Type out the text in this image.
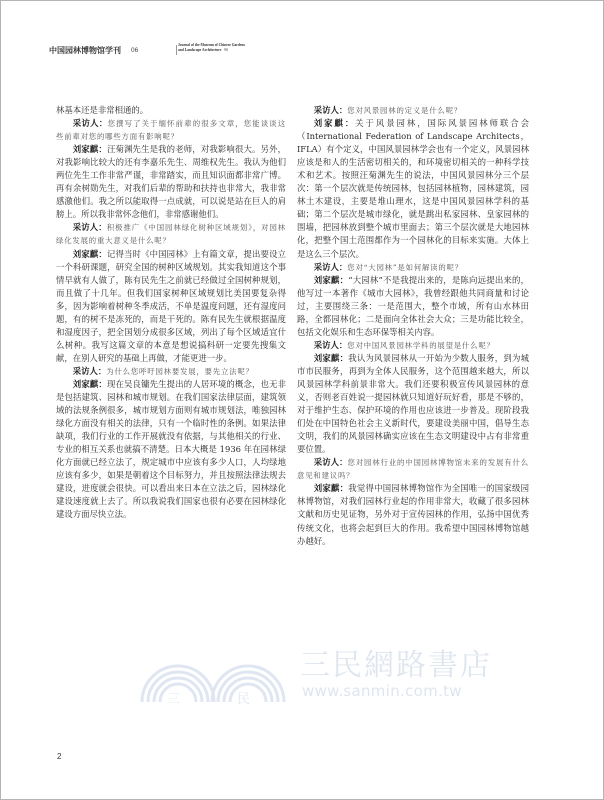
中国园林博物馆学刊 06
Journal of the Museum of Chinese Gardens
and Landscape Architecture 06

林基本还是非常相通的。

采访人：您撰写了关于缅怀前辈的很多文章，您能谈谈这些前辈对您的哪些方面有影响呢？

刘家麒：汪菊渊先生是我的老师，对我影响很大。另外，对我影响比较大的还有李嘉乐先生、周维权先生。我认为他们两位先生工作非常严谨，非常踏实，而且知识面都非常广博。再有余树勋先生，对我们后辈的帮助和扶持也非常大，我非常感激他们。我之所以能取得一点成就，可以说是站在巨人的肩膀上。所以我非常怀念他们，非常感谢他们。

采访人：积极推广《中国园林绿化树种区域规划》，对园林绿化发展的重大意义是什么呢？

刘家麒：记得当时《中国园林》上有篇文章，提出要设立一个科研课题，研究全国的树种区域规划。其实我知道这个事情早就有人做了，陈有民先生之前就已经做过全国树种规划，而且做了十几年。但我们国家树种区域规划比美国要复杂得多，因为影响着树种冬季成活，不单是温度问题，还有湿度问题，有的树不是冻死的，而是干死的。陈有民先生就根据温度和湿度因子，把全国划分成很多区域，列出了每个区域适宜什么树种。我写这篇文章的本意是想说搞科研一定要先搜集文献，在别人研究的基础上再做，才能更进一步。

采访人：为什么您呼吁园林要发展，要先立法呢？

刘家麒：现在吴良镛先生提出的人居环境的概念，也无非是包括建筑、园林和城市规划。在我们国家法律层面，建筑领域的法规条例很多，城市规划方面则有城市规划法，唯独园林绿化方面没有相关的法律，只有一个临时性的条例。如果法律缺项，我们行业的工作开展就没有依据，与其他相关的行业、专业的相互关系也就搞不清楚。日本大概是 1936 年在园林绿化方面就已经立法了，规定城市中应该有多少人口，人均绿地应该有多少，如果是朝着这个目标努力，并且按照法律法规去建设，进度就会很快。可以看出来日本在立法之后，园林绿化建设速度就上去了。所以我说我们国家也很有必要在园林绿化建设方面尽快立法。

采访人：您对风景园林的定义是什么呢？

刘家麒：关于风景园林，国际风景园林师联合会（International Federation of Landscape Architects，IFLA）有个定义，中国风景园林学会也有一个定义，风景园林应该是和人的生活密切相关的，和环境密切相关的一种科学技术和艺术。按照汪菊渊先生的说法，中国风景园林分三个层次：第一个层次就是传统园林，包括园林植物，园林建筑，园林土木建设，主要是堆山理水，这是中国风景园林学科的基础；第二个层次是城市绿化，就是跳出私家园林、皇家园林的围墙，把园林放到整个城市里面去；第三个层次就是大地园林化，把整个国土范围都作为一个园林化的目标来实施。大体上是这么三个层次。

采访人：您对“大园林”是如何解读的呢？

刘家麒：“大园林”不是我提出来的，是陈向远提出来的，他写过一本著作《城市大园林》，我曾经跟他共同商量和讨论过，主要围绕三条：一是范围大，整个市域，所有山水林田路，全都园林化；二是面向全体社会大众；三是功能比较全，包括文化娱乐和生态环保等相关内容。

采访人：您对中国风景园林学科的展望是什么呢？

刘家麒：我认为风景园林从一开始为少数人服务，到为城市市民服务，再到为全体人民服务，这个范围越来越大，所以风景园林学科前景非常大。我们还要积极宣传风景园林的意义，否则老百姓说一提园林就只知道好玩好看，那是不够的，对于维护生态、保护环境的作用也应该进一步普及。现阶段我们处在中国特色社会主义新时代，要建设美丽中国，倡导生态文明，我们的风景园林确实应该在生态文明建设中占有非常重要位置。

采访人：您对园林行业的中国园林博物馆未来的发展有什么意见和建议吗？

刘家麒：我觉得中国园林博物馆作为全国唯一的国家级园林博物馆，对我们园林行业起的作用非常大，收藏了很多园林文献和历史见证物，另外对于宣传园林的作用，弘扬中国优秀传统文化，也将会起到巨大的作用。我希望中国园林博物馆越办越好。

三	民
三民網路書店
www.sanmin.com.tw
2
